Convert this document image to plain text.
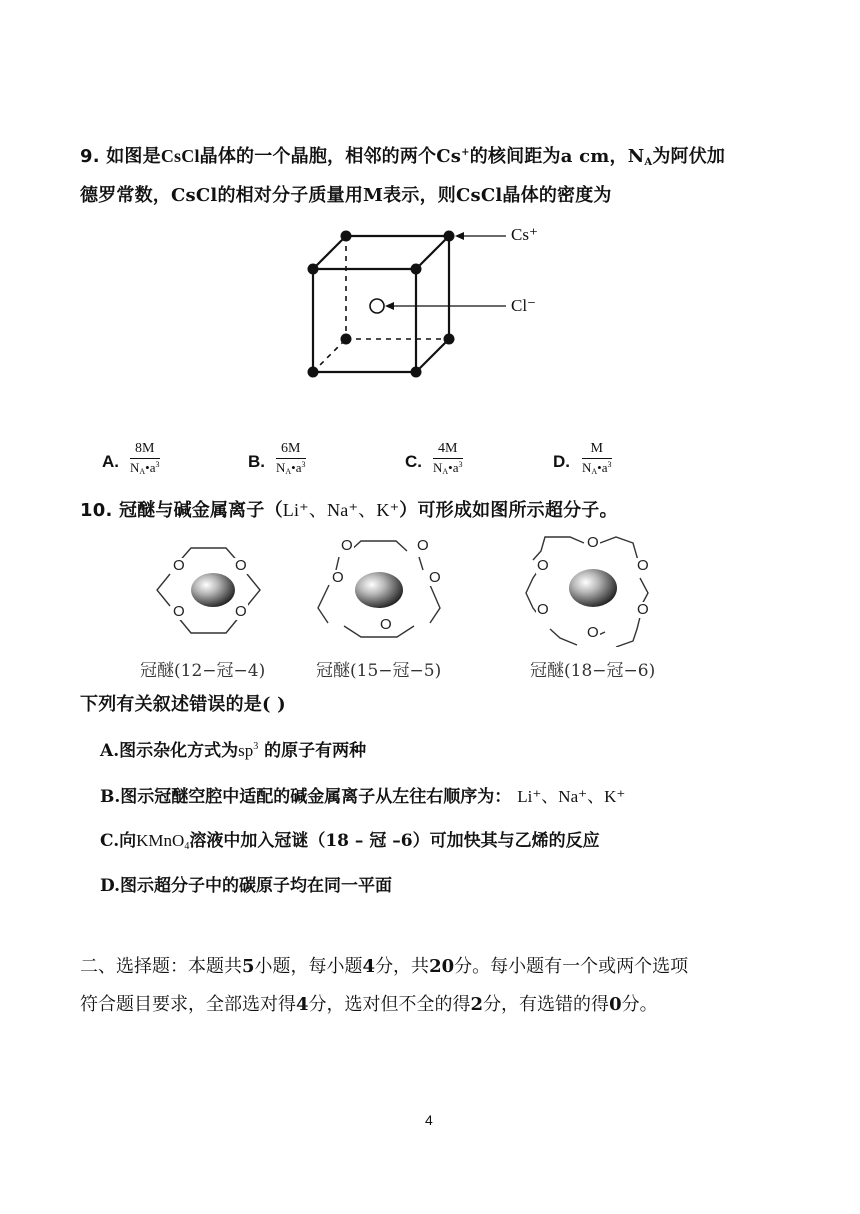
9. 如图是CsCl晶体的一个晶胞，相邻的两个Cs+的核间距为a cm，$N_A$为阿伏加
德罗常数，CsCl的相对分子质量用M表示，则CsCl晶体的密度为
Cs⁺
Cl⁻
A. $\frac{8M}{N_A•a^3}$	B. $\frac{6M}{N_A•a^3}$	C. $\frac{4M}{N_A•a^3}$	D. $\frac{M}{N_A•a^3}$
10. 冠醚与碱金属离子（Li⁺、Na⁺、K⁺）可形成如图所示超分子。
O	O
O	O
O	O
O
O
O
O
O	O
O	O
O
冠醚(12−冠−4)	冠醚(15−冠−5)	冠醚(18−冠−6)
下列有关叙述错误的是( )
A.图示杂化方式为$sp^3$ 的原子有两种
B.图示冠醚空腔中适配的碱金属离子从左往右顺序为： Li⁺、Na⁺、K⁺
C.向KMnO$_4$溶液中加入冠谜（18 – 冠 –6）可加快其与乙烯的反应
D.图示超分子中的碳原子均在同一平面
二、选择题：本题共5小题，每小题4分，共20分。每小题有一个或两个选项
符合题目要求，全部选对得4分，选对但不全的得2分，有选错的得0分。
4
